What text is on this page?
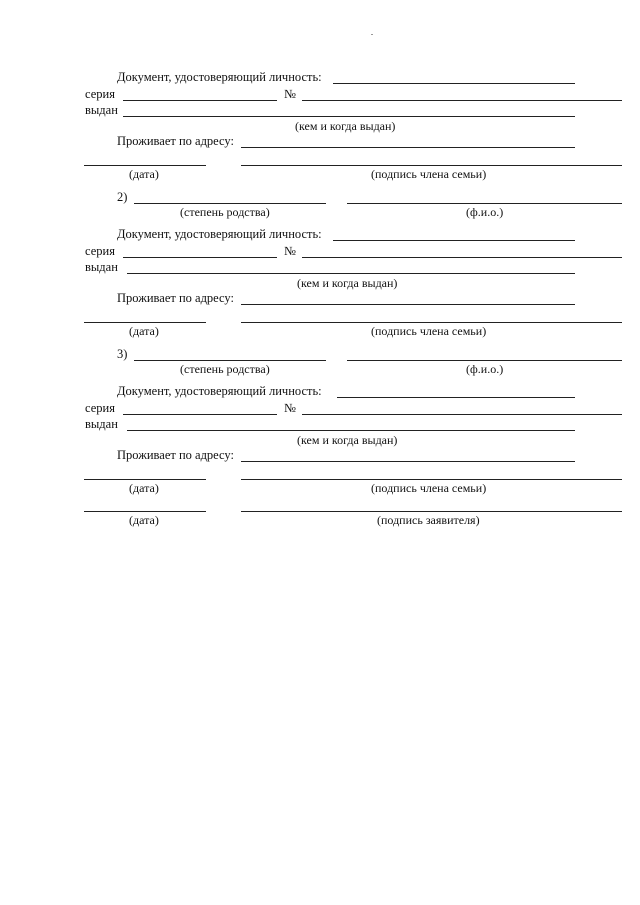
Документ, удостоверяющий личность:
серия	№
выдан
(кем и когда выдан)
Проживает по адресу:
(дата)	(подпись члена семьи)
2)
(степень родства)	(ф.и.о.)
Документ, удостоверяющий личность:
серия	№
выдан
(кем и когда выдан)
Проживает по адресу:
(дата)	(подпись члена семьи)
3)
(степень родства)	(ф.и.о.)
Документ, удостоверяющий личность:
серия	№
выдан
(кем и когда выдан)
Проживает по адресу:
(дата)	(подпись члена семьи)
(дата)	(подпись заявителя)
